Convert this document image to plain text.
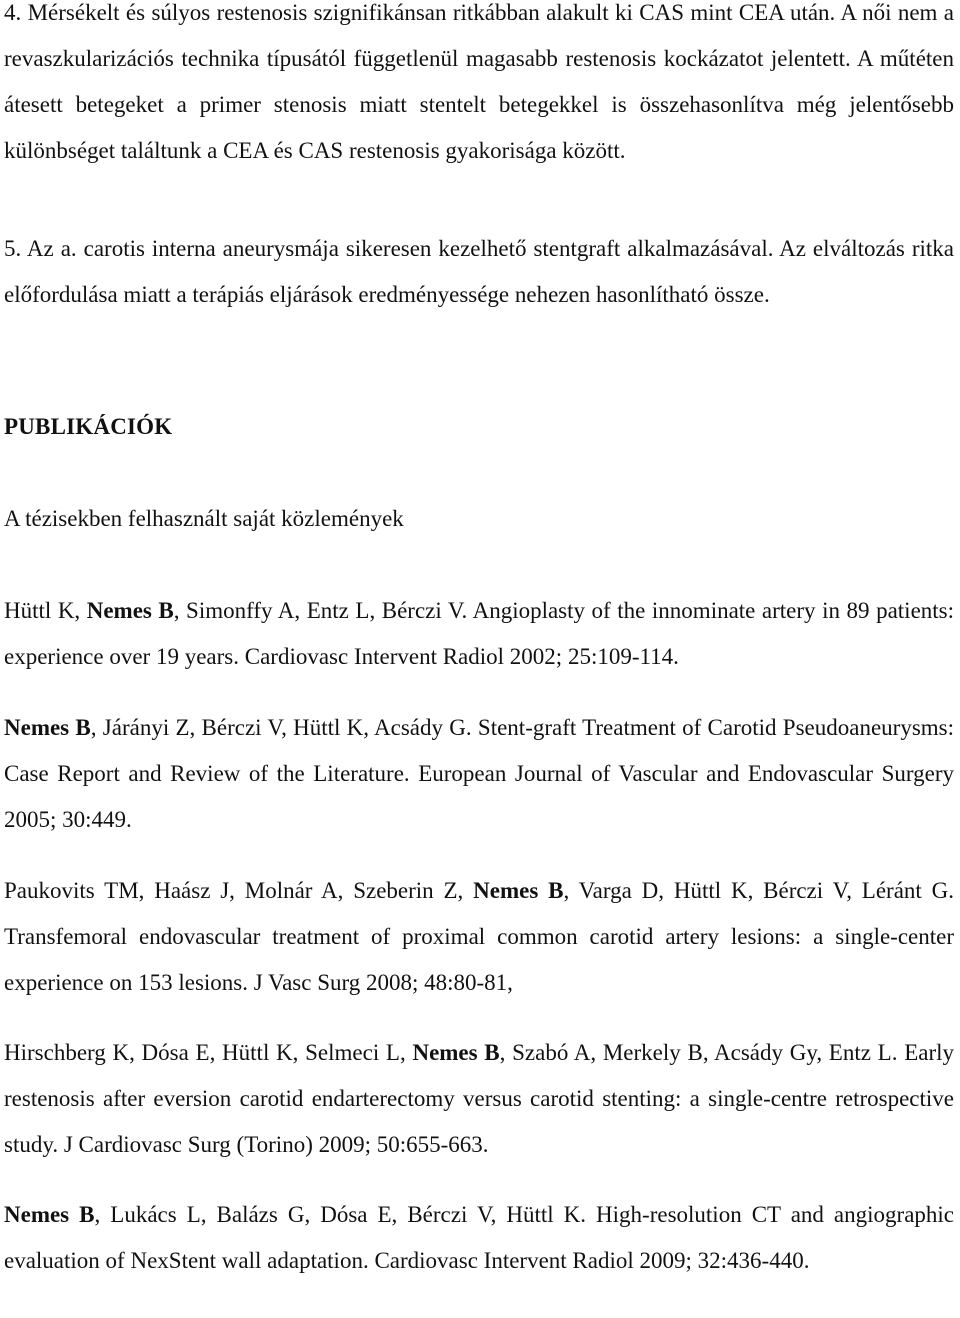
4. Mérsékelt és súlyos restenosis szignifikánsan ritkábban alakult ki CAS mint CEA után. A női nem a revaszkularizációs technika típusától függetlenül magasabb restenosis kockázatot jelentett. A műtéten átesett betegeket a primer stenosis miatt stentelt betegekkel is összehasonlítva még jelentősebb különbséget találtunk a CEA és CAS restenosis gyakorisága között.

5. Az a. carotis interna aneurysmája sikeresen kezelhető stentgraft alkalmazásával. Az elváltozás ritka előfordulása miatt a terápiás eljárások eredményessége nehezen hasonlítható össze.

PUBLIKÁCIÓK
A tézisekben felhasznált saját közlemények

Hüttl K, Nemes B, Simonffy A, Entz L, Bérczi V. Angioplasty of the innominate artery in 89 patients: experience over 19 years. Cardiovasc Intervent Radiol 2002; 25:109-114.

Nemes B, Járányi Z, Bérczi V, Hüttl K, Acsády G. Stent-graft Treatment of Carotid Pseudoaneurysms: Case Report and Review of the Literature. European Journal of Vascular and Endovascular Surgery 2005; 30:449.

Paukovits TM, Haász J, Molnár A, Szeberin Z, Nemes B, Varga D, Hüttl K, Bérczi V, Léránt G. Transfemoral endovascular treatment of proximal common carotid artery lesions: a single-center experience on 153 lesions. J Vasc Surg 2008; 48:80-81,

Hirschberg K, Dósa E, Hüttl K, Selmeci L, Nemes B, Szabó A, Merkely B, Acsády Gy, Entz L. Early restenosis after eversion carotid endarterectomy versus carotid stenting: a single-centre retrospective study. J Cardiovasc Surg (Torino) 2009; 50:655-663.

Nemes B, Lukács L, Balázs G, Dósa E, Bérczi V, Hüttl K. High-resolution CT and angiographic evaluation of NexStent wall adaptation. Cardiovasc Intervent Radiol 2009; 32:436-440.
